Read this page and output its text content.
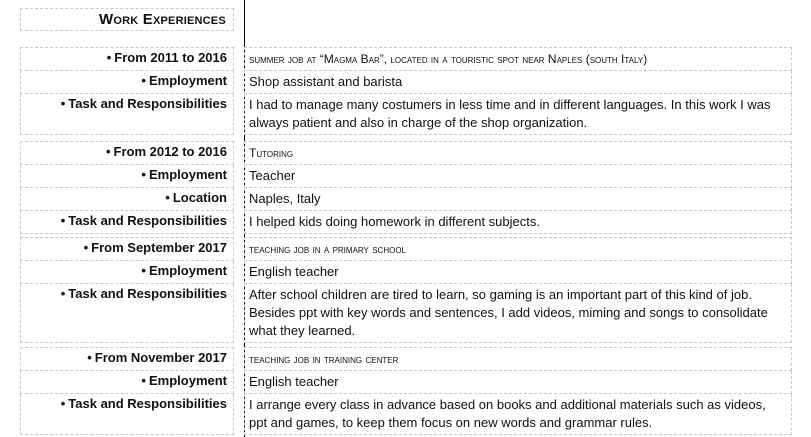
Work Experiences
• From 2011 to 2016	summer job at “Magma Bar”, located in a touristic spot near Naples (south Italy)
• Employment	Shop assistant and barista
• Task and Responsibilities	I had to manage many costumers in less time and in different languages. In this work I was always patient and also in charge of the shop organization.
• From 2012 to 2016	Tutoring
• Employment	Teacher
• Location	Naples, Italy
• Task and Responsibilities	I helped kids doing homework in different subjects.
• From September 2017	teaching job in a primary school
• Employment	English teacher
• Task and Responsibilities	After school children are tired to learn, so gaming is an important part of this kind of job. Besides ppt with key words and sentences, I add videos, miming and songs to consolidate what they learned.
• From November 2017	teaching job in training center
• Employment	English teacher
• Task and Responsibilities	I arrange every class in advance based on books and additional materials such as videos, ppt and games, to keep them focus on new words and grammar rules.
